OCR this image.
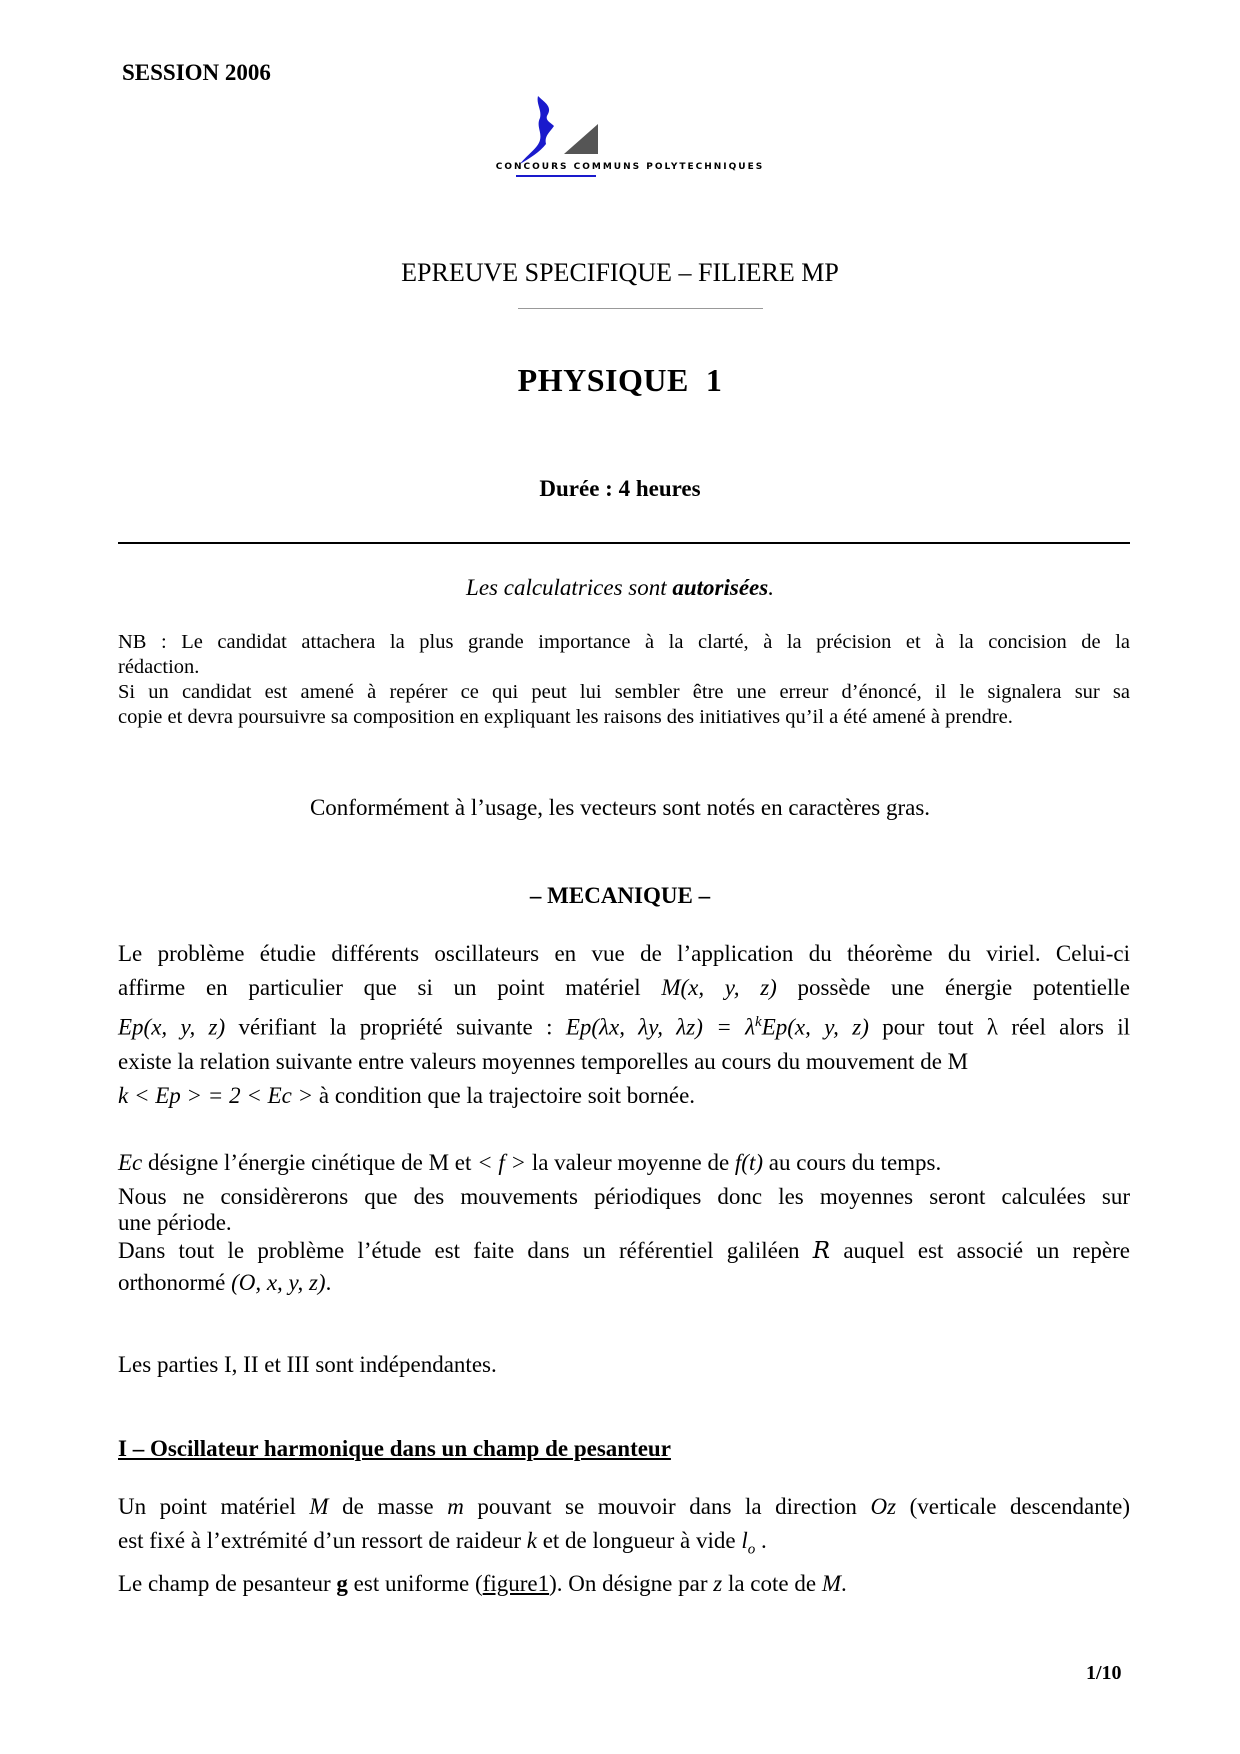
SESSION 2006
CONCOURS COMMUNS POLYTECHNIQUES
EPREUVE SPECIFIQUE – FILIERE MP
PHYSIQUE  1
Durée : 4 heures
Les calculatrices sont autorisées.

NB : Le candidat attachera la plus grande importance à la clarté, à la précision et à la concision de la

rédaction.

Si un candidat est amené à repérer ce qui peut lui sembler être une erreur d’énoncé, il le signalera sur sa

copie et devra poursuivre sa composition en expliquant les raisons des initiatives qu’il a été amené à prendre.

Conformément à l’usage, les vecteurs sont notés en caractères gras.
– MECANIQUE –

Le problème étudie différents oscillateurs en vue de l’application du théorème du viriel. Celui-ci

affirme en particulier que si un point matériel M(x, y, z) possède une énergie potentielle

Ep(x, y, z) vérifiant la propriété suivante : Ep(λx, λy, $\lambda z) = \lambda^kEp(x$, y, z) pour tout λ réel alors il

existe la relation suivante entre valeurs moyennes temporelles au cours du mouvement de M

k < Ep > = 2 < Ec > à condition que la trajectoire soit bornée.

Ec désigne l’énergie cinétique de M et < f > la valeur moyenne de f(t) au cours du temps.

Nous ne considèrerons que des mouvements périodiques donc les moyennes seront calculées sur

une période.

Dans tout le problème l’étude est faite dans un référentiel galiléen R auquel est associé un repère

orthonormé (O, x, y, z).

Les parties I, II et III sont indépendantes.
I – Oscillateur harmonique dans un champ de pesanteur

Un point matériel M de masse m pouvant se mouvoir dans la direction Oz (verticale descendante)

est fixé à l’extrémité d’un ressort de raideur k et de longueur à vide $l_o$ .

Le champ de pesanteur g est uniforme (figure1). On désigne par z la cote de M.

1/10
